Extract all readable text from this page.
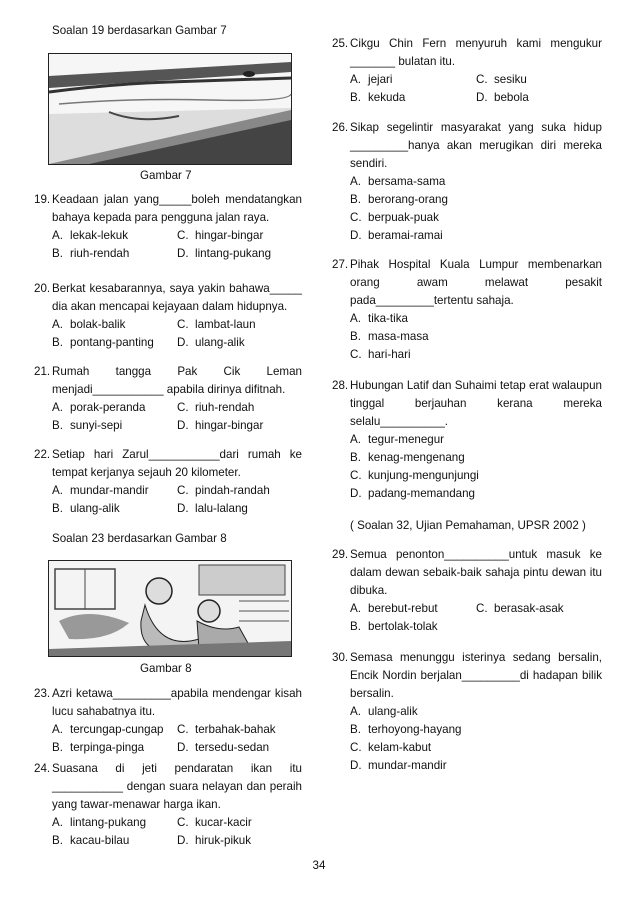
Soalan 19 berdasarkan Gambar 7
Gambar 7
19. Keadaan jalan yang_____boleh mendatangkan bahaya kepada para pengguna jalan raya.
A. lekak-lekuk	C. hingar-bingar
B. riuh-rendah	D. lintang-pukang
20. Berkat kesabarannya, saya yakin bahawa_____ dia akan mencapai kejayaan dalam hidupnya.
A. bolak-balik	C. lambat-laun
B. pontang-panting D. ulang-alik
21. Rumah tangga Pak Cik Leman menjadi___________ apabila dirinya difitnah.
A. porak-peranda	C. riuh-rendah
B. sunyi-sepi	D. hingar-bingar
22. Setiap hari Zarul___________dari rumah ke tempat kerjanya sejauh 20 kilometer.
A. mundar-mandir C. pindah-randah
B. ulang-alik	D. lalu-lalang
Soalan 23 berdasarkan Gambar 8
Gambar 8
23. Azri ketawa_________apabila mendengar kisah lucu sahabatnya itu.
A. tercungap-cungap C. terbahak-bahak
B. terpinga-pinga	D. tersedu-sedan
24. Suasana di jeti pendaratan ikan itu ___________ dengan suara nelayan dan peraih yang tawar-menawar harga ikan.
A. lintang-pukang	C. kucar-kacir
B. kacau-bilau	D. hiruk-pikuk
25. Cikgu Chin Fern menyuruh kami mengukur _______ bulatan itu.
A. jejari	C. sesiku
B. kekuda	D. bebola
26. Sikap segelintir masyarakat yang suka hidup _________hanya akan merugikan diri mereka sendiri.
A. bersama-sama
B. berorang-orang
C. berpuak-puak
D. beramai-ramai
27. Pihak Hospital Kuala Lumpur membenarkan orang awam melawat pesakit pada_________tertentu sahaja.
A. tika-tika
B. masa-masa
C. hari-hari
28. Hubungan Latif dan Suhaimi tetap erat walaupun tinggal berjauhan kerana mereka selalu__________.
A. tegur-menegur
B. kenag-mengenang
C. kunjung-mengunjungi
D. padang-memandang
( Soalan 32, Ujian Pemahaman, UPSR 2002 )
29. Semua penonton__________untuk masuk ke dalam dewan sebaik-baik sahaja pintu dewan itu dibuka.
A. berebut-rebut	C. berasak-asak
B. bertolak-tolak
30. Semasa menunggu isterinya sedang bersalin, Encik Nordin berjalan_________di hadapan bilik bersalin.
A. ulang-alik
B. terhoyong-hayang
C. kelam-kabut
D. mundar-mandir
34
